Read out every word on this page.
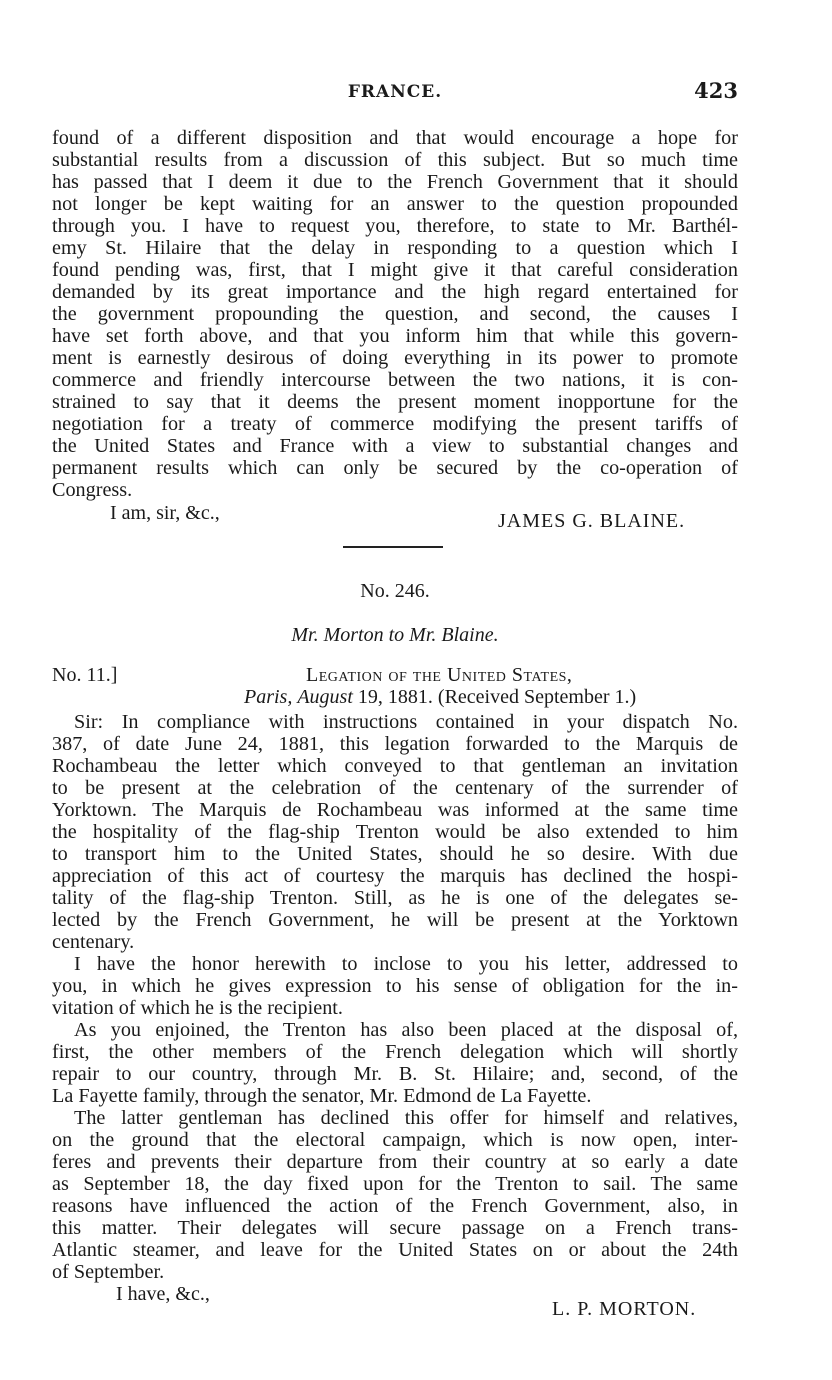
FRANCE.	423
found of a different disposition and that would encourage a hope for
substantial results from a discussion of this subject. But so much time
has passed that I deem it due to the French Government that it should
not longer be kept waiting for an answer to the question propounded
through you. I have to request you, therefore, to state to Mr. Barthél-
emy St. Hilaire that the delay in responding to a question which I
found pending was, first, that I might give it that careful consideration
demanded by its great importance and the high regard entertained for
the government propounding the question, and second, the causes I
have set forth above, and that you inform him that while this govern-
ment is earnestly desirous of doing everything in its power to promote
commerce and friendly intercourse between the two nations, it is con-
strained to say that it deems the present moment inopportune for the
negotiation for a treaty of commerce modifying the present tariffs of
the United States and France with a view to substantial changes and
permanent results which can only be secured by the co-operation of
Congress.
I am, sir, &c.,	JAMES G. BLAINE.
No. 246.
Mr. Morton to Mr. Blaine.
No. 11.]	Legation of the United States,
Paris, August 19, 1881. (Received September 1.)
Sir: In compliance with instructions contained in your dispatch No.
387, of date June 24, 1881, this legation forwarded to the Marquis de
Rochambeau the letter which conveyed to that gentleman an invitation
to be present at the celebration of the centenary of the surrender of
Yorktown. The Marquis de Rochambeau was informed at the same time
the hospitality of the flag-ship Trenton would be also extended to him
to transport him to the United States, should he so desire. With due
appreciation of this act of courtesy the marquis has declined the hospi-
tality of the flag-ship Trenton. Still, as he is one of the delegates se-
lected by the French Government, he will be present at the Yorktown
centenary.
I have the honor herewith to inclose to you his letter, addressed to
you, in which he gives expression to his sense of obligation for the in-
vitation of which he is the recipient.
As you enjoined, the Trenton has also been placed at the disposal of,
first, the other members of the French delegation which will shortly
repair to our country, through Mr. B. St. Hilaire; and, second, of the
La Fayette family, through the senator, Mr. Edmond de La Fayette.
The latter gentleman has declined this offer for himself and relatives,
on the ground that the electoral campaign, which is now open, inter-
feres and prevents their departure from their country at so early a date
as September 18, the day fixed upon for the Trenton to sail. The same
reasons have influenced the action of the French Government, also, in
this matter. Their delegates will secure passage on a French trans-
Atlantic steamer, and leave for the United States on or about the 24th
of September.
I have, &c.,
L. P. MORTON.
